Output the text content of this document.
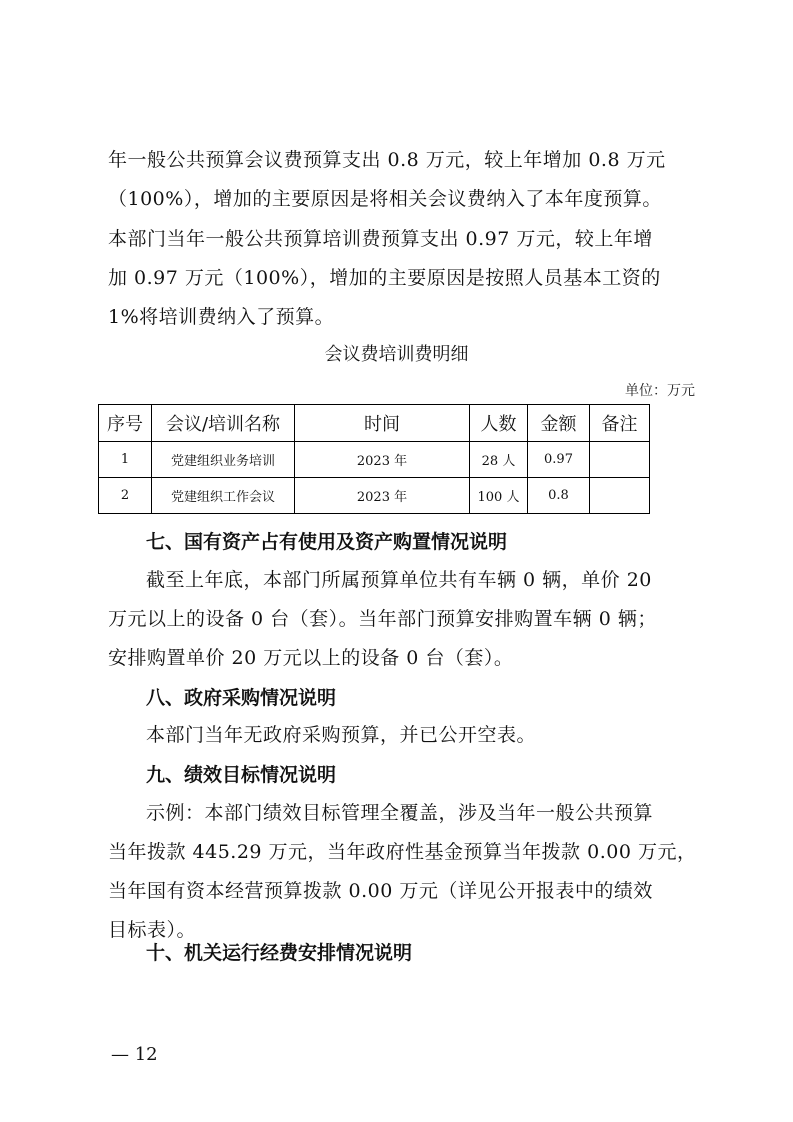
年一般公共预算会议费预算支出 0.8 万元，较上年增加 0.8 万元
（100%），增加的主要原因是将相关会议费纳入了本年度预算。
本部门当年一般公共预算培训费预算支出 0.97 万元，较上年增
加 0.97 万元（100%），增加的主要原因是按照人员基本工资的
1%将培训费纳入了预算。
会议费培训费明细
单位：万元
序号	会议/培训名称	时间	人数	金额	备注
1	党建组织业务培训	2023 年	28 人	0.97	
2	党建组织工作会议	2023 年	100 人	0.8	
七、国有资产占有使用及资产购置情况说明
截至上年底，本部门所属预算单位共有车辆 0 辆，单价 20
万元以上的设备 0 台（套）。当年部门预算安排购置车辆 0 辆；
安排购置单价 20 万元以上的设备 0 台（套）。
八、政府采购情况说明
本部门当年无政府采购预算，并已公开空表。
九、绩效目标情况说明
示例：本部门绩效目标管理全覆盖，涉及当年一般公共预算
当年拨款 445.29 万元，当年政府性基金预算当年拨款 0.00 万元，
当年国有资本经营预算拨款 0.00 万元（详见公开报表中的绩效
目标表）。
十、机关运行经费安排情况说明
— 12
